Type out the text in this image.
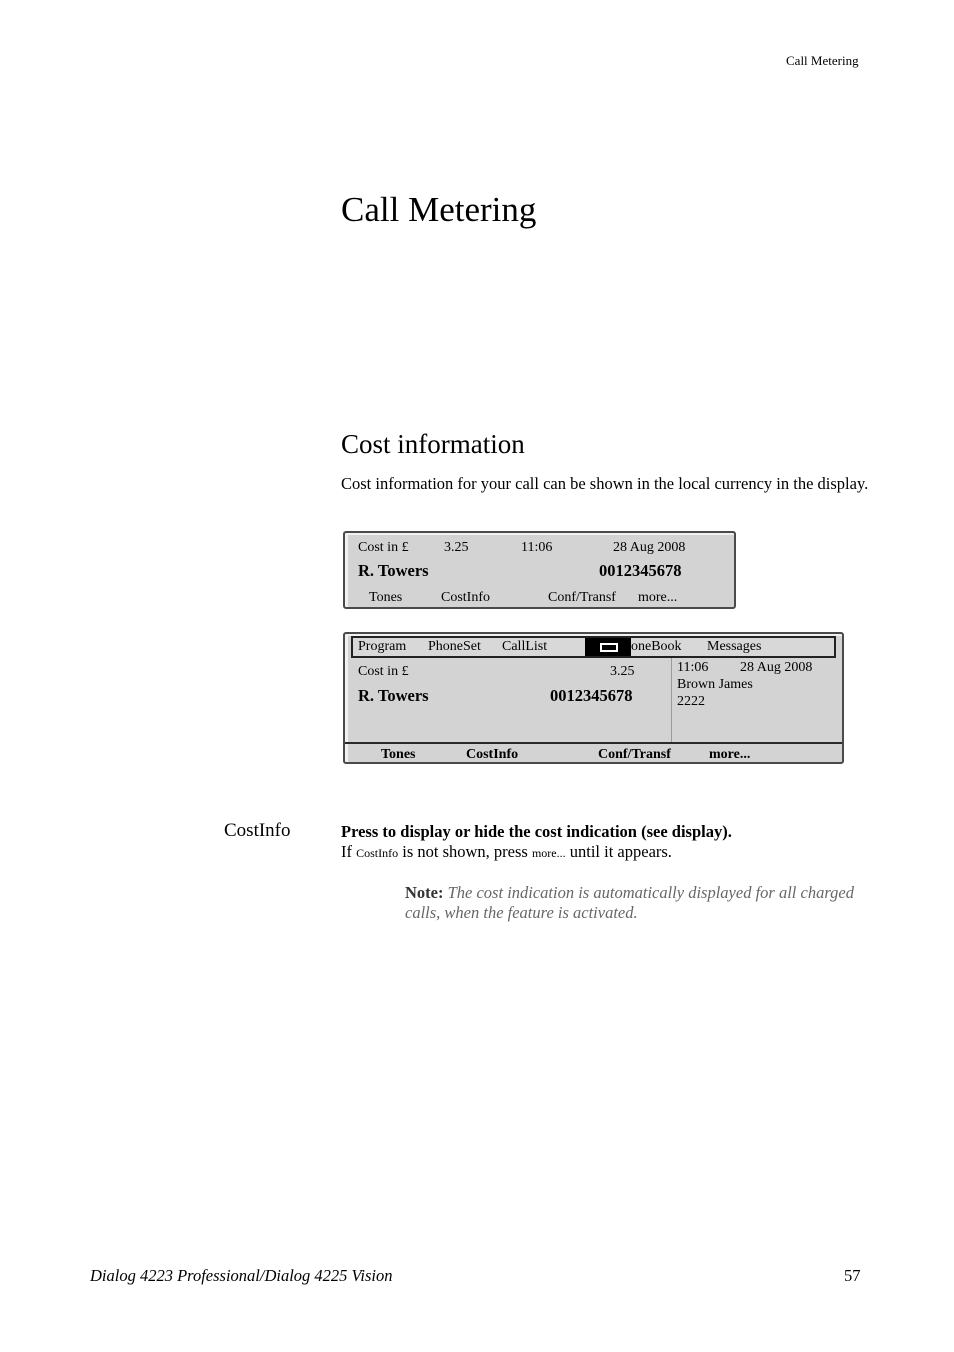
Call Metering
Call Metering
Cost information
Cost information for your call can be shown in the local currency in the display.
Cost in £	3.25	11:06	28 Aug 2008
R. Towers	0012345678
Tones	CostInfo	Conf/Transf more...
Program PhoneSet CallList	oneBook Messages
Cost in £	3.25
R. Towers	0012345678
11:06 28 Aug 2008
Brown James
2222
Tones	CostInfo	Conf/Transf	more...
CostInfo	Press to display or hide the cost indication (see display).
If CostInfo is not shown, press more... until it appears.
Note: The cost indication is automatically displayed for all charged calls, when the feature is activated.
Dialog 4223 Professional/Dialog 4225 Vision	57
